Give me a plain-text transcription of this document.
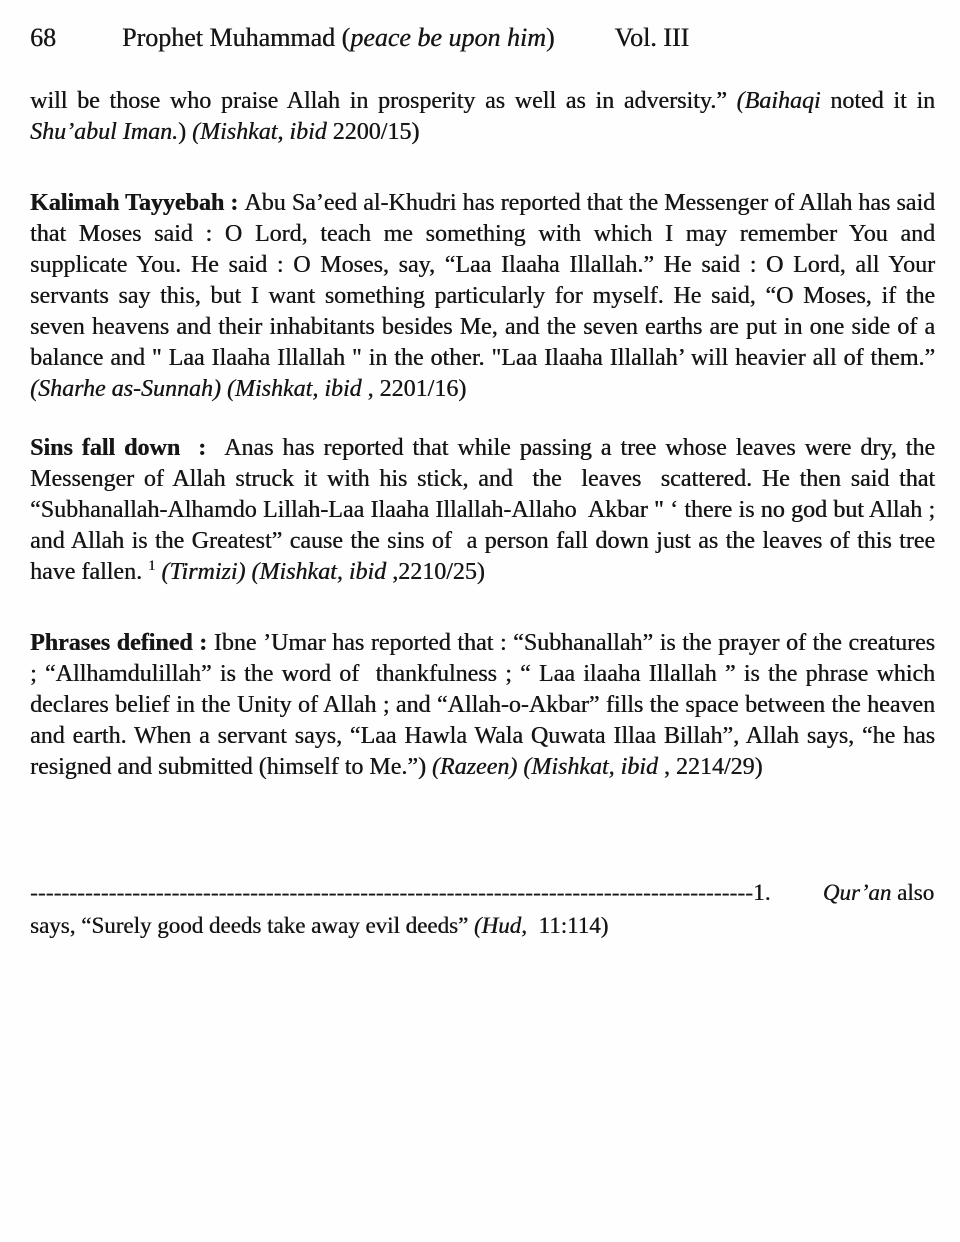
68	Prophet Muhammad (peace be upon him) Vol. III

will be those who praise Allah in prosperity as well as in adversity.” (Baihaqi noted it in Shu’abul Iman.) (Mishkat, ibid 2200/15)

Kalimah Tayyebah : Abu Sa’eed al-Khudri has reported that the Messenger of Allah has said that Moses said : O Lord, teach me something with which I may remember You and supplicate You. He said : O Moses, say, “Laa Ilaaha Illallah.” He said : O Lord, all Your servants say this, but I want something particularly for myself. He said, “O Moses, if the seven heavens and their inhabitants besides Me, and the seven earths are put in one side of a balance and " Laa Ilaaha Illallah " in the other. "Laa Ilaaha Illallah’ will heavier all of them.” (Sharhe as-Sunnah) (Mishkat, ibid , 2201/16)

Sins fall down  :  Anas has reported that while passing a tree whose leaves were dry, the Messenger of Allah struck it with his stick, and  the  leaves  scattered. He then said that “Subhanallah-Alhamdo Lillah-Laa Ilaaha Illallah-Allaho  Akbar " ‘ there is no god but Allah ; and Allah is the Greatest” cause the sins of  a person fall down just as the leaves of this tree have fallen. $^1$ (Tirmizi) (Mishkat, ibid ,2210/25)

Phrases defined : Ibne ’Umar has reported that : “Subhanallah” is the prayer of the creatures ; “Allhamdulillah” is the word of  thankfulness ; “ Laa ilaaha Illallah ” is the phrase which declares belief in the Unity of Allah ; and “Allah-o-Akbar” fills the space between the heaven and earth. When a servant says, “Laa Hawla Wala Quwata Illaa Billah”, Allah says, “he has resigned and submitted (himself to Me.”) (Razeen) (Mishkat, ibid , 2214/29)

--------------------------------------------------------------------------------------------1. Qur’an also
says, “Surely good deeds take away evil deeds” (Hud,  11:114)
